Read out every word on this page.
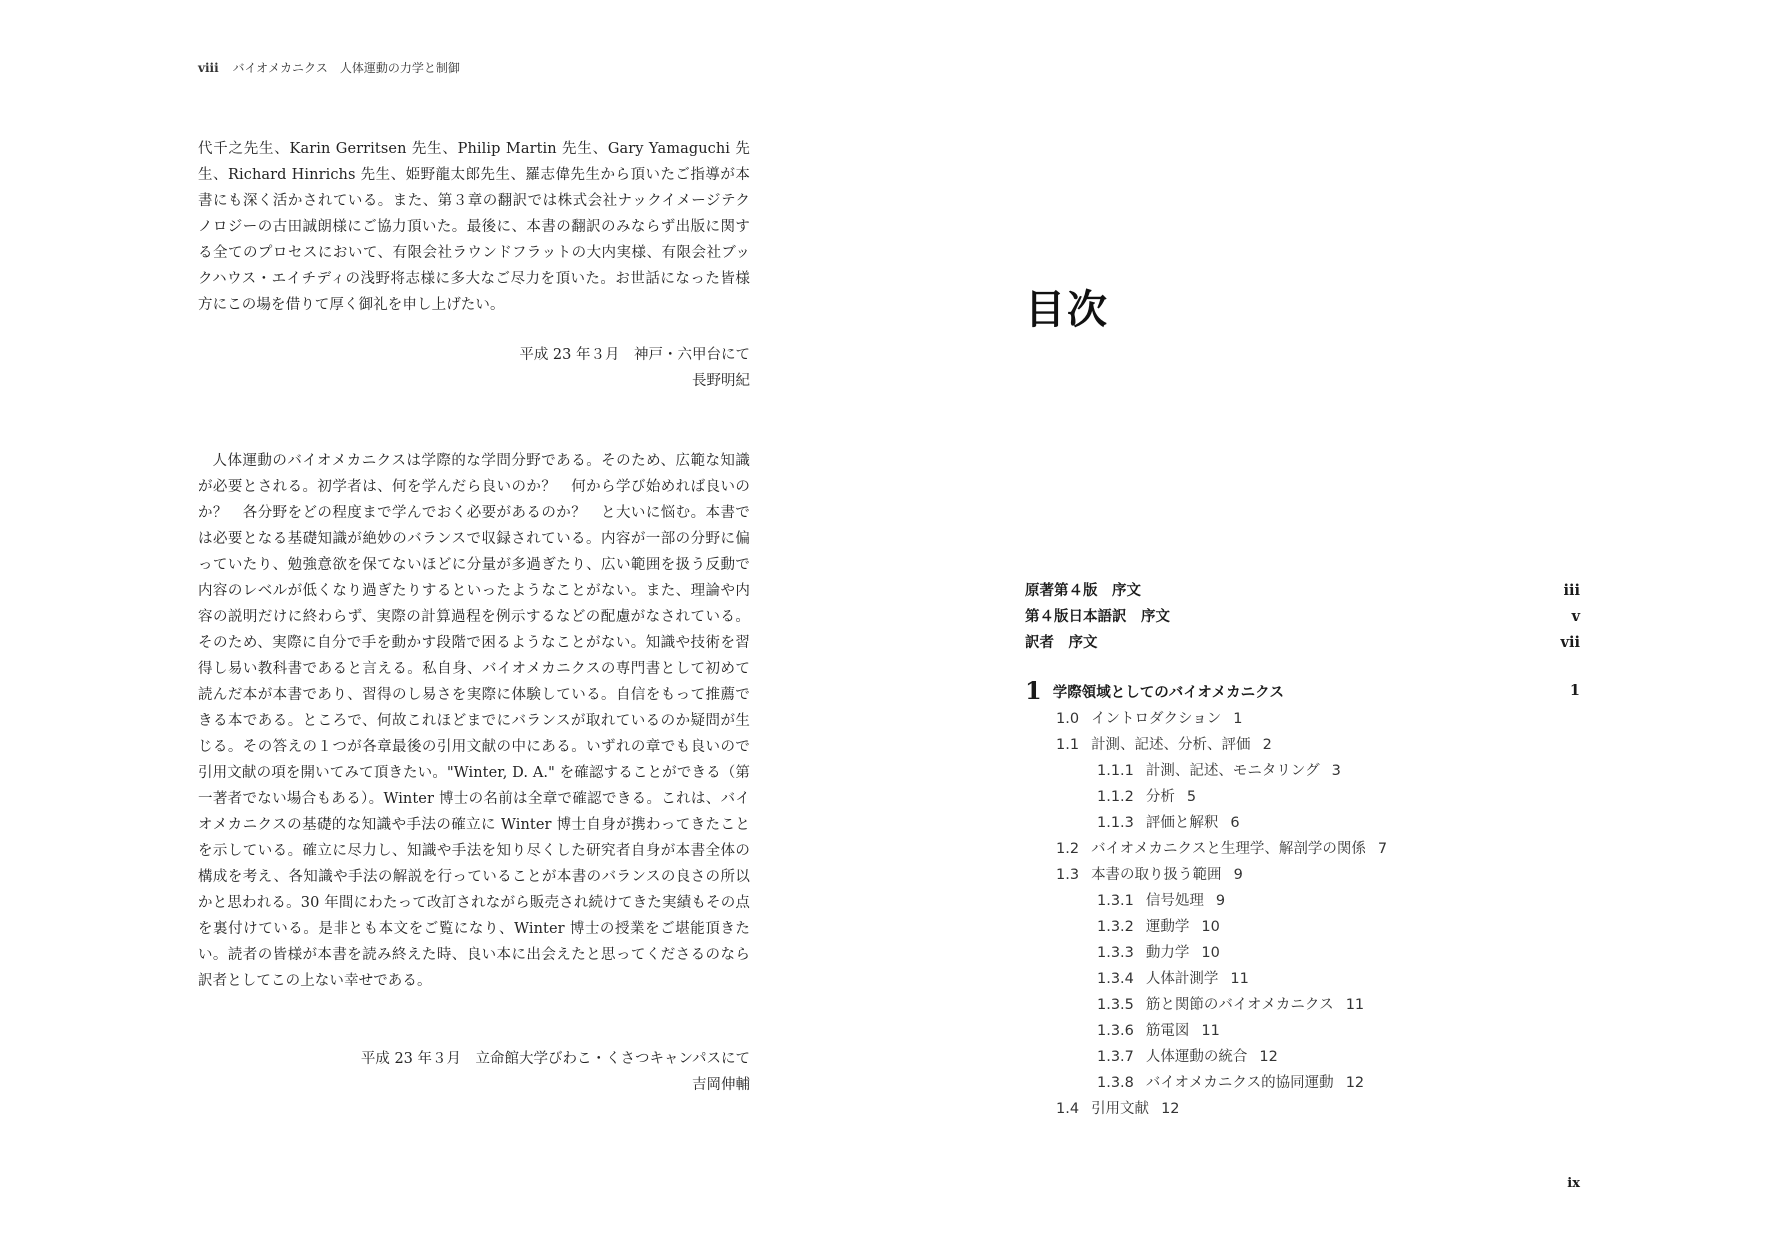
viii バイオメカニクス　人体運動の力学と制御

代千之先生、Karin Gerritsen 先生、Philip Martin 先生、Gary Yamaguchi 先生、Richard Hinrichs 先生、姫野龍太郎先生、羅志偉先生から頂いたご指導が本書にも深く活かされている。また、第３章の翻訳では株式会社ナックイメージテクノロジーの古田誠朗様にご協力頂いた。最後に、本書の翻訳のみならず出版に関する全てのプロセスにおいて、有限会社ラウンドフラットの大内実様、有限会社ブックハウス・エイチディの浅野将志様に多大なご尽力を頂いた。お世話になった皆様方にこの場を借りて厚く御礼を申し上げたい。

平成 23 年３月　神戸・六甲台にて
長野明紀

人体運動のバイオメカニクスは学際的な学問分野である。そのため、広範な知識が必要とされる。初学者は、何を学んだら良いのか？　何から学び始めれば良いのか？　各分野をどの程度まで学んでおく必要があるのか？　と大いに悩む。本書では必要となる基礎知識が絶妙のバランスで収録されている。内容が一部の分野に偏っていたり、勉強意欲を保てないほどに分量が多過ぎたり、広い範囲を扱う反動で内容のレベルが低くなり過ぎたりするといったようなことがない。また、理論や内容の説明だけに終わらず、実際の計算過程を例示するなどの配慮がなされている。そのため、実際に自分で手を動かす段階で困るようなことがない。知識や技術を習得し易い教科書であると言える。私自身、バイオメカニクスの専門書として初めて読んだ本が本書であり、習得のし易さを実際に体験している。自信をもって推薦できる本である。ところで、何故これほどまでにバランスが取れているのか疑問が生じる。その答えの１つが各章最後の引用文献の中にある。いずれの章でも良いので引用文献の項を開いてみて頂きたい。"Winter, D. A." を確認することができる（第一著者でない場合もある）。Winter 博士の名前は全章で確認できる。これは、バイオメカニクスの基礎的な知識や手法の確立に Winter 博士自身が携わってきたことを示している。確立に尽力し、知識や手法を知り尽くした研究者自身が本書全体の構成を考え、各知識や手法の解説を行っていることが本書のバランスの良さの所以かと思われる。30 年間にわたって改訂されながら販売され続けてきた実績もその点を裏付けている。是非とも本文をご覧になり、Winter 博士の授業をご堪能頂きたい。読者の皆様が本書を読み終えた時、良い本に出会えたと思ってくださるのなら訳者としてこの上ない幸せである。

平成 23 年３月　立命館大学びわこ・くさつキャンパスにて
吉岡伸輔
目次
原著第４版　序文	iii
第４版日本語訳　序文	v
訳者　序文	vii
1 学際領域としてのバイオメカニクス	1
1.0 イントロダクション 1
1.1 計測、記述、分析、評価 2
1.1.1 計測、記述、モニタリング 3
1.1.2 分析 5
1.1.3 評価と解釈 6
1.2 バイオメカニクスと生理学、解剖学の関係 7
1.3 本書の取り扱う範囲 9
1.3.1 信号処理 9
1.3.2 運動学 10
1.3.3 動力学 10
1.3.4 人体計測学 11
1.3.5 筋と関節のバイオメカニクス 11
1.3.6 筋電図 11
1.3.7 人体運動の統合 12
1.3.8 バイオメカニクス的協同運動 12
1.4 引用文献 12
ix
